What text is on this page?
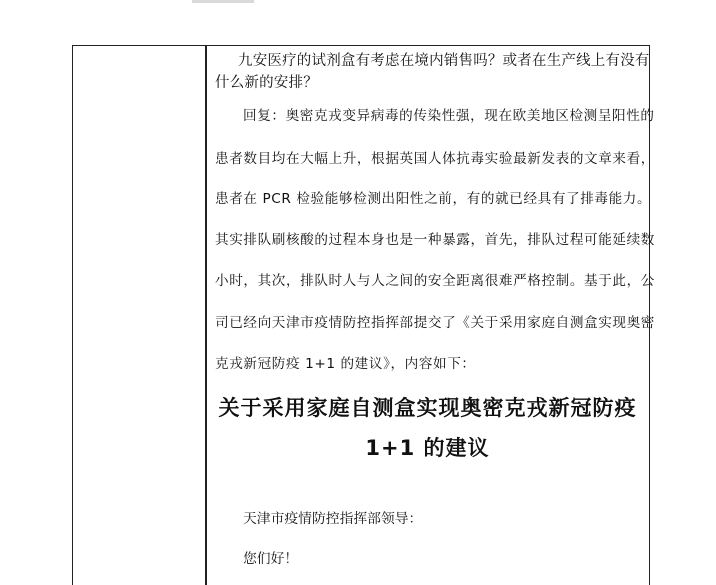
九安医疗的试剂盒有考虑在境内销售吗？或者在生产线上有没有
什么新的安排？
回复：奥密克戎变异病毒的传染性强，现在欧美地区检测呈阳性的
患者数目均在大幅上升，根据英国人体抗毒实验最新发表的文章来看，
患者在 PCR 检验能够检测出阳性之前，有的就已经具有了排毒能力。
其实排队刷核酸的过程本身也是一种暴露，首先，排队过程可能延续数
小时，其次，排队时人与人之间的安全距离很难严格控制。基于此，公
司已经向天津市疫情防控指挥部提交了《关于采用家庭自测盒实现奥密
克戎新冠防疫 1+1 的建议》，内容如下：
关于采用家庭自测盒实现奥密克戎新冠防疫
1+1 的建议
天津市疫情防控指挥部领导：
您们好！
